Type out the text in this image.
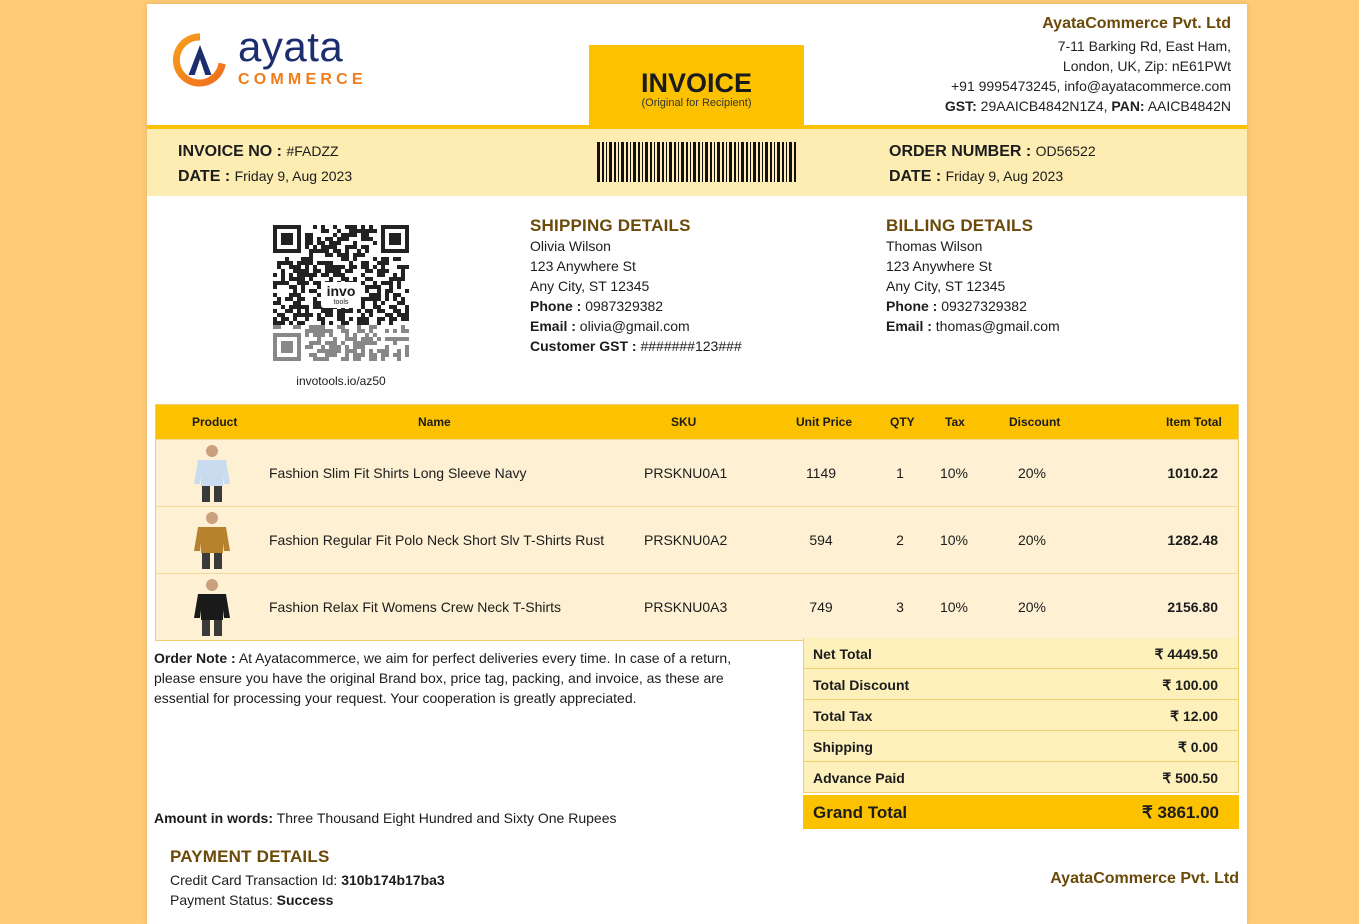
ayata
COMMERCE	INVOICE
(Original for Recipient)
AyataCommerce Pvt. Ltd
7-11 Barking Rd, East Ham,
London, UK, Zip: nE61PWt
+91 9995473245, info@ayatacommerce.com
GST: 29AAICB4842N1Z4, PAN: AAICB4842N
INVOICE NO : #FADZZ
DATE : Friday 9, Aug 2023
ORDER NUMBER : OD56522
DATE : Friday 9, Aug 2023
invo
tools
invotools.io/az50
SHIPPING DETAILS
Olivia Wilson
123 Anywhere St
Any City, ST 12345
Phone : 0987329382
Email : olivia@gmail.com
Customer GST : #######123###
BILLING DETAILS
Thomas Wilson
123 Anywhere St
Any City, ST 12345
Phone : 09327329382
Email : thomas@gmail.com
Product	Name	SKU	Unit Price	QTY	Tax	Discount	Item Total
Fashion Slim Fit Shirts Long Sleeve Navy	PRSKNU0A1	1149	1	10%	20%	1010.22
Fashion Regular Fit Polo Neck Short Slv T-Shirts Rust	PRSKNU0A2	594	2	10%	20%	1282.48
Fashion Relax Fit Womens Crew Neck T-Shirts	PRSKNU0A3	749	3	10%	20%	2156.80
Order Note : At Ayatacommerce, we aim for perfect deliveries every time. In case of a return, please ensure you have the original Brand box, price tag, packing, and invoice, as these are essential for processing your request. Your cooperation is greatly appreciated.
Amount in words: Three Thousand Eight Hundred and Sixty One Rupees
Net Total	₹ 4449.50
Total Discount	₹ 100.00
Total Tax	₹ 12.00
Shipping	₹ 0.00
Advance Paid	₹ 500.50
Grand Total	₹ 3861.00
PAYMENT DETAILS
Credit Card Transaction Id: 310b174b17ba3
Payment Status: Success
AyataCommerce Pvt. Ltd
